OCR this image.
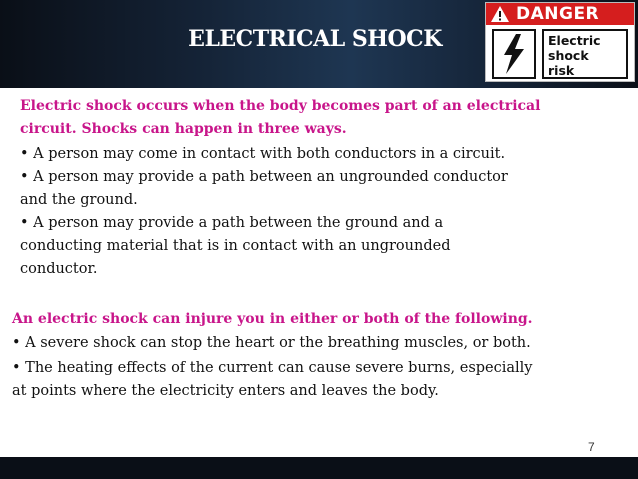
ELECTRICAL SHOCK
DANGER
Electric
shock
risk

Electric shock occurs when the body becomes part of an electrical
circuit. Shocks can happen in three ways.

• A person may come in contact with both conductors in a circuit.

• A person may provide a path between an ungrounded conductor
and the ground.

• A person may provide a path between the ground and a
conducting material that is in contact with an ungrounded
conductor.

An electric shock can injure you in either or both of the following.

• A severe shock can stop the heart or the breathing muscles, or both.

• The heating effects of the current can cause severe burns, especially
at points where the electricity enters and leaves the body.

7
